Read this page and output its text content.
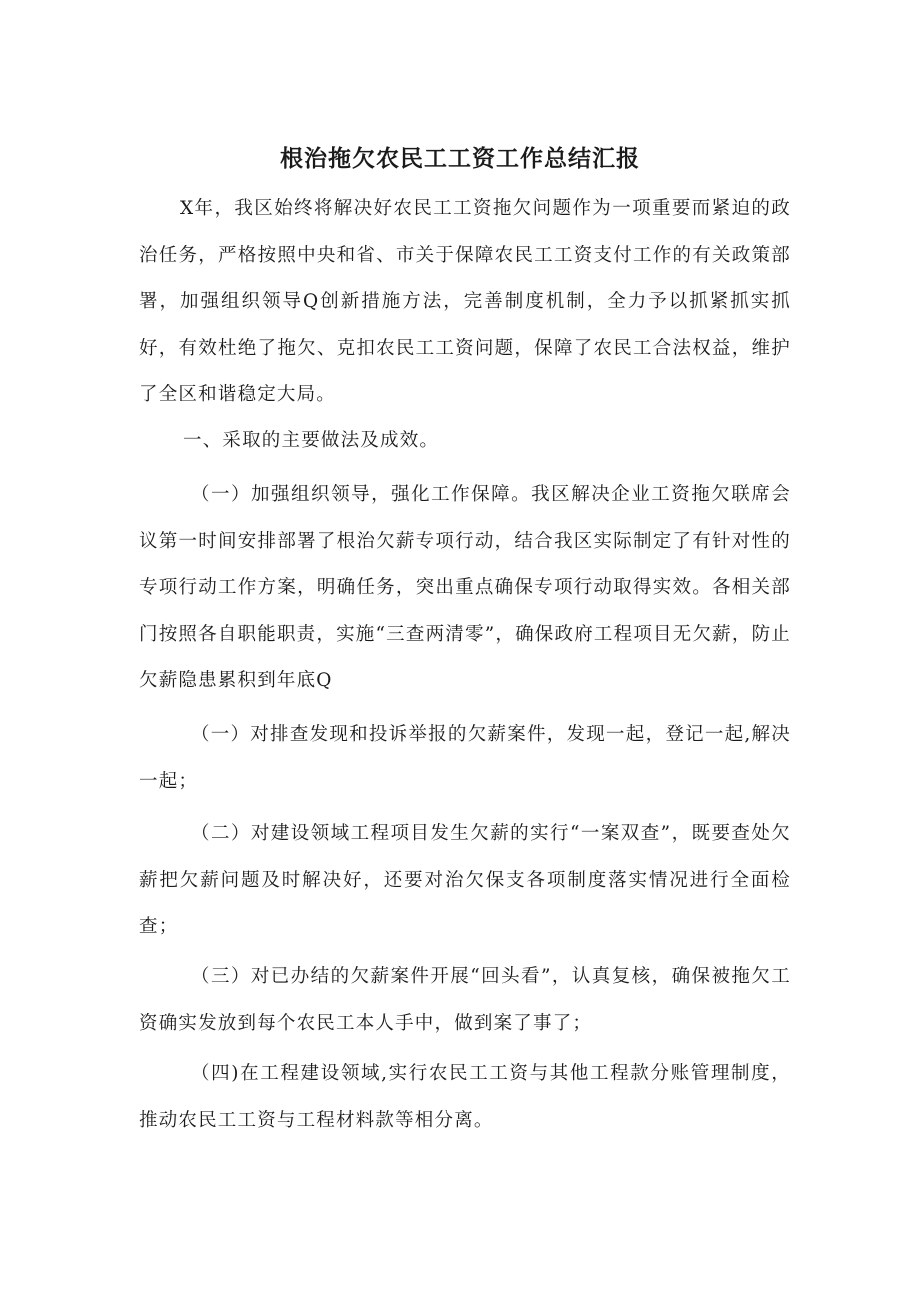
根治拖欠农民工工资工作总结汇报

X年，我区始终将解决好农民工工资拖欠问题作为一项重要而紧迫的政治任务，严格按照中央和省、市关于保障农民工工资支付工作的有关政策部署，加强组织领导Q创新措施方法，完善制度机制，全力予以抓紧抓实抓好，有效杜绝了拖欠、克扣农民工工资问题，保障了农民工合法权益，维护了全区和谐稳定大局。

一、采取的主要做法及成效。

（一）加强组织领导，强化工作保障。我区解决企业工资拖欠联席会议第一时间安排部署了根治欠薪专项行动，结合我区实际制定了有针对性的专项行动工作方案，明确任务，突出重点确保专项行动取得实效。各相关部门按照各自职能职责，实施“三查两清零”，确保政府工程项目无欠薪，防止欠薪隐患累积到年底Q

（一）对排查发现和投诉举报的欠薪案件，发现一起，登记一起,解决一起；

（二）对建设领域工程项目发生欠薪的实行“一案双查”，既要查处欠薪把欠薪问题及时解决好，还要对治欠保支各项制度落实情况进行全面检查；

（三）对已办结的欠薪案件开展“回头看”，认真复核，确保被拖欠工资确实发放到每个农民工本人手中，做到案了事了；

（四)在工程建设领域,实行农民工工资与其他工程款分账管理制度，推动农民工工资与工程材料款等相分离。
